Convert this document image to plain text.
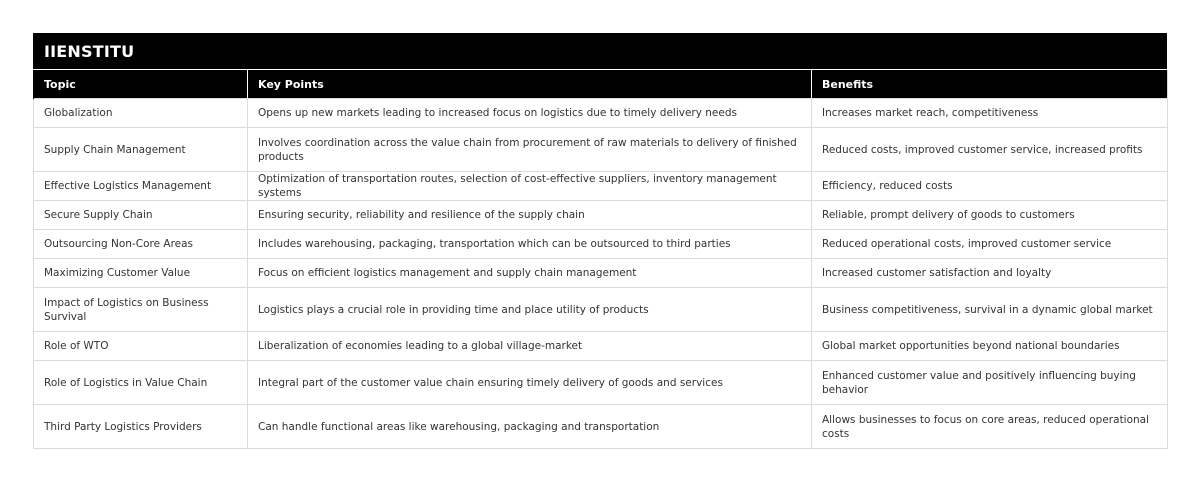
IIENSTITU
Topic	Key Points	Benefits
Globalization	Opens up new markets leading to increased focus on logistics due to timely delivery needs	Increases market reach, competitiveness
Supply Chain Management	Involves coordination across the value chain from procurement of raw materials to delivery of finished products	Reduced costs, improved customer service, increased profits
Effective Logistics Management	Optimization of transportation routes, selection of cost-effective suppliers, inventory management systems	Efficiency, reduced costs
Secure Supply Chain	Ensuring security, reliability and resilience of the supply chain	Reliable, prompt delivery of goods to customers
Outsourcing Non-Core Areas	Includes warehousing, packaging, transportation which can be outsourced to third parties	Reduced operational costs, improved customer service
Maximizing Customer Value	Focus on efficient logistics management and supply chain management	Increased customer satisfaction and loyalty
Impact of Logistics on Business Survival	Logistics plays a crucial role in providing time and place utility of products	Business competitiveness, survival in a dynamic global market
Role of WTO	Liberalization of economies leading to a global village-market	Global market opportunities beyond national boundaries
Role of Logistics in Value Chain	Integral part of the customer value chain ensuring timely delivery of goods and services	Enhanced customer value and positively influencing buying behavior
Third Party Logistics Providers	Can handle functional areas like warehousing, packaging and transportation	Allows businesses to focus on core areas, reduced operational costs
